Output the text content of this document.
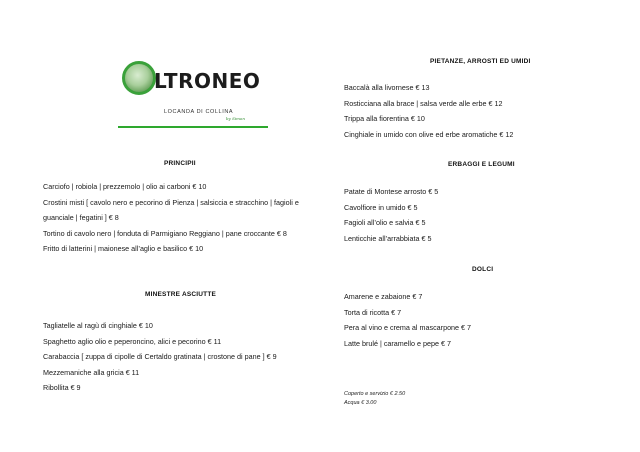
LTRONEO
LOCANDA DI COLLINA
by Simon
PRINCIPII
Carciofo | robiola | prezzemolo | olio ai carboni € 10
Crostini misti [ cavolo nero e pecorino di Pienza | salsiccia e stracchino | fagioli e
guanciale | fegatini ] € 8
Tortino di cavolo nero | fonduta di Parmigiano Reggiano | pane croccante € 8
Fritto di latterini | maionese all’aglio e basilico € 10
MINESTRE ASCIUTTE
Tagliatelle al ragù di cinghiale € 10
Spaghetto aglio olio e peperoncino, alici e pecorino € 11
Carabaccia [ zuppa di cipolle di Certaldo gratinata | crostone di pane ] € 9
Mezzemaniche alla gricia € 11
Ribollita € 9
PIETANZE, ARROSTI ED UMIDI
Baccalà alla livornese € 13
Rosticciana alla brace | salsa verde alle erbe € 12
Trippa alla fiorentina € 10
Cinghiale in umido con olive ed erbe aromatiche € 12
ERBAGGI E LEGUMI
Patate di Montese arrosto € 5
Cavolfiore in umido € 5
Fagioli all’olio e salvia € 5
Lenticchie all’arrabbiata € 5
DOLCI
Amarene e zabaione € 7
Torta di ricotta € 7
Pera al vino e crema al mascarpone € 7
Latte brulé | caramello e pepe € 7
Coperto e servizio € 2.50
Acqua € 3.00
